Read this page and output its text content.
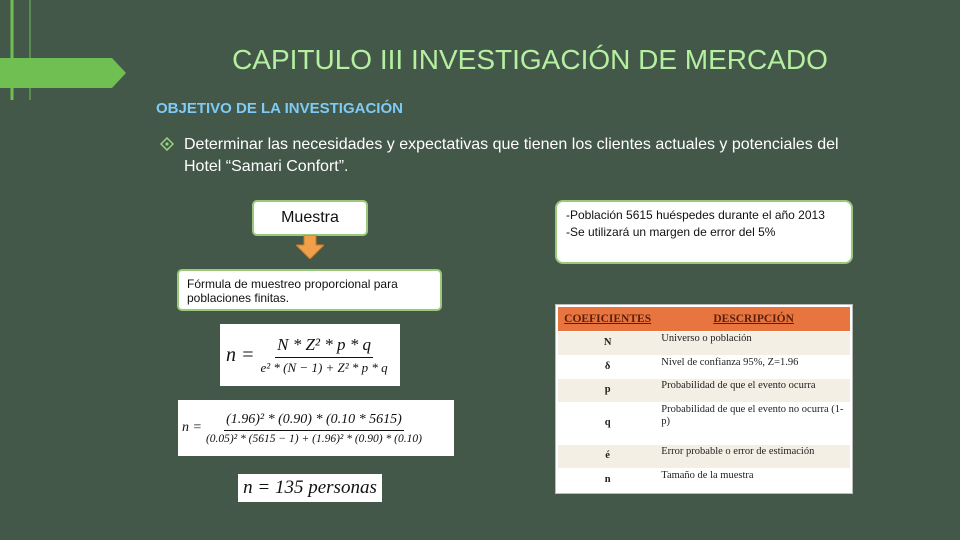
CAPITULO III INVESTIGACIÓN DE MERCADO
OBJETIVO DE LA INVESTIGACIÓN
Determinar las necesidades y expectativas que tienen los clientes actuales y potenciales del Hotel “Samari Confort”.
Muestra
Fórmula de muestreo proporcional para poblaciones finitas.
-Población 5615 huéspedes durante el año 2013
-Se utilizará un margen de error del 5%
$n = \frac{\text{N * Z² * p * q}}{\text{e² * (N − 1) + Z² * p * q}}$
$n = \frac{\text{(1.96)² * (0.90) * (0.10 * 5615)}}{\text{(0.05)² * (5615 − 1) + (1.96)² * (0.90) * (0.10)}}$
n = 135 personas
COEFICIENTES	DESCRIPCIÓN
N	Universo o población
δ	Nivel de confianza 95%, Z=1.96
p	Probabilidad de que el evento ocurra
q	Probabilidad de que el evento no ocurra (1-p)
é	Error probable o error de estimación
n	Tamaño de la muestra
